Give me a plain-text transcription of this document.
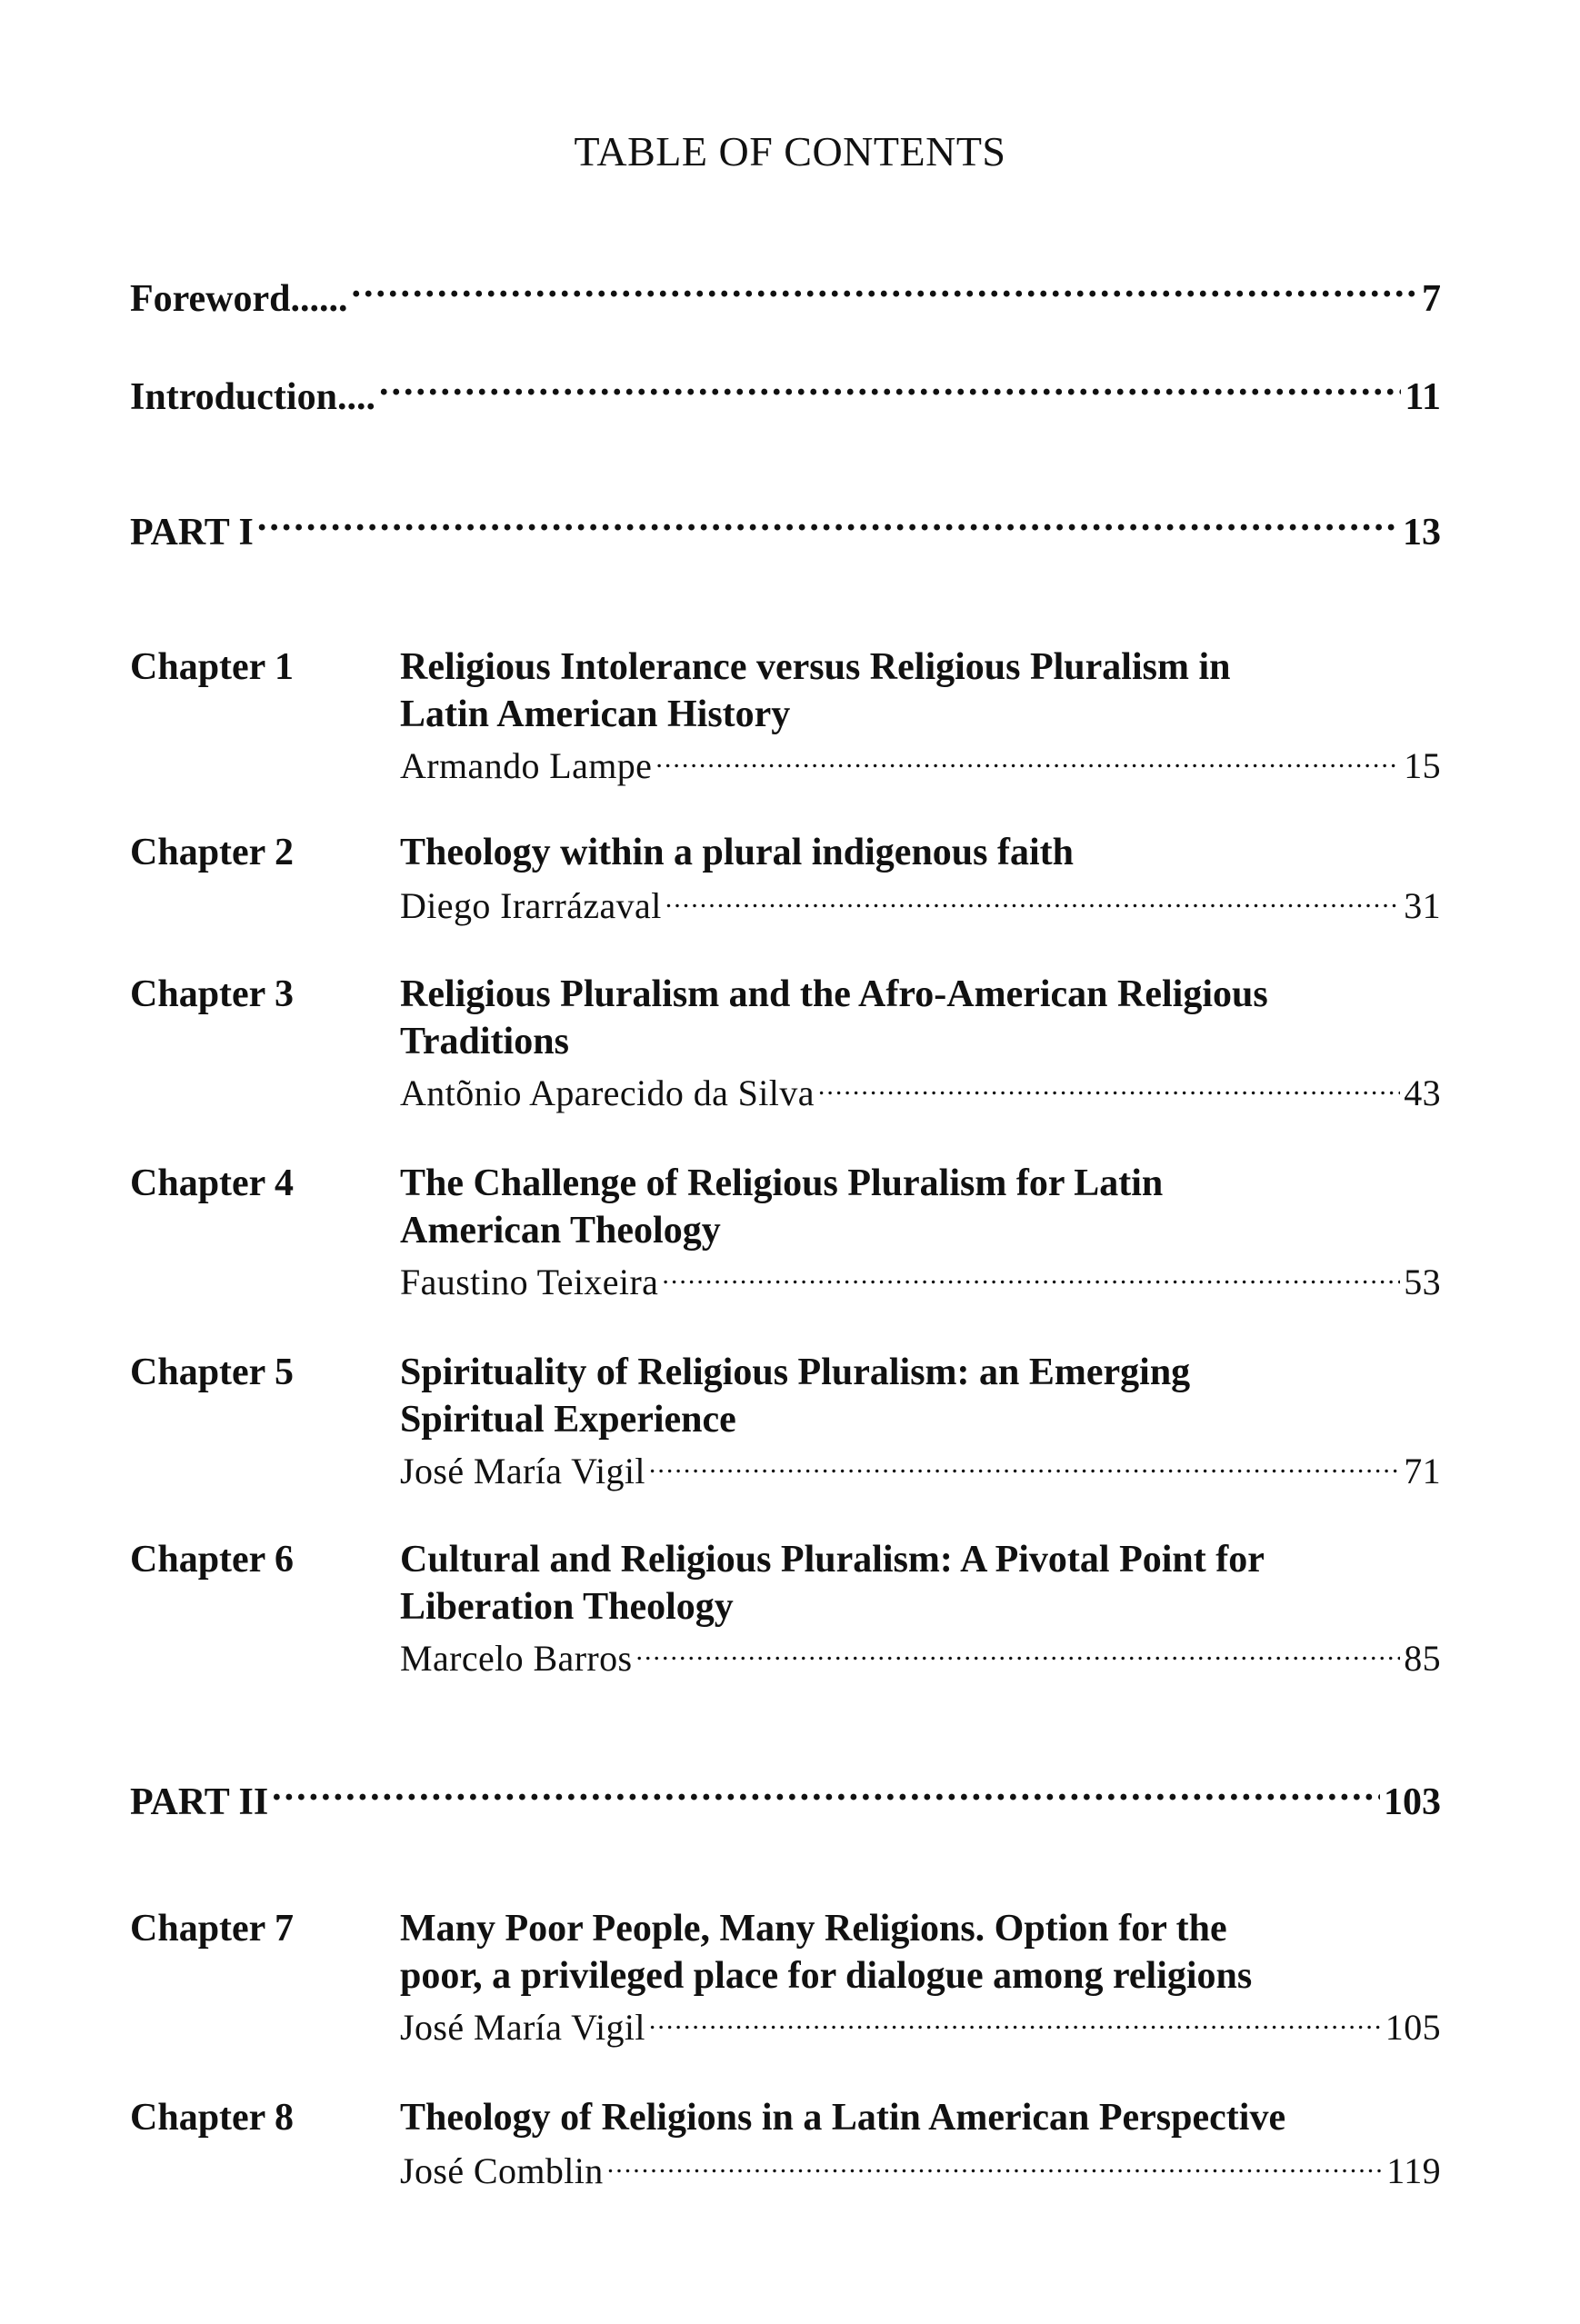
TABLE OF CONTENTS
Foreword...... .....	7
Introduction.... .....	11
PART I .....	13
Chapter 1	Religious Intolerance versus Religious Pluralism in
Latin American History
Armando Lampe .....	15
Chapter 2	Theology within a plural indigenous faith
Diego Irarrázaval .....	31
Chapter 3	Religious Pluralism and the Afro-American Religious
Traditions
Antõnio Aparecido da Silva .....	43
Chapter 4	The Challenge of Religious Pluralism for Latin
American Theology
Faustino Teixeira .....	53
Chapter 5	Spirituality of Religious Pluralism: an Emerging
Spiritual Experience
José María Vigil .....	71
Chapter 6	Cultural and Religious Pluralism: A Pivotal Point for
Liberation Theology
Marcelo Barros .....	85
PART II .....	103
Chapter 7	Many Poor People, Many Religions. Option for the
poor, a privileged place for dialogue among religions
José María Vigil .....	105
Chapter 8	Theology of Religions in a Latin American Perspective
José Comblin .....	119
